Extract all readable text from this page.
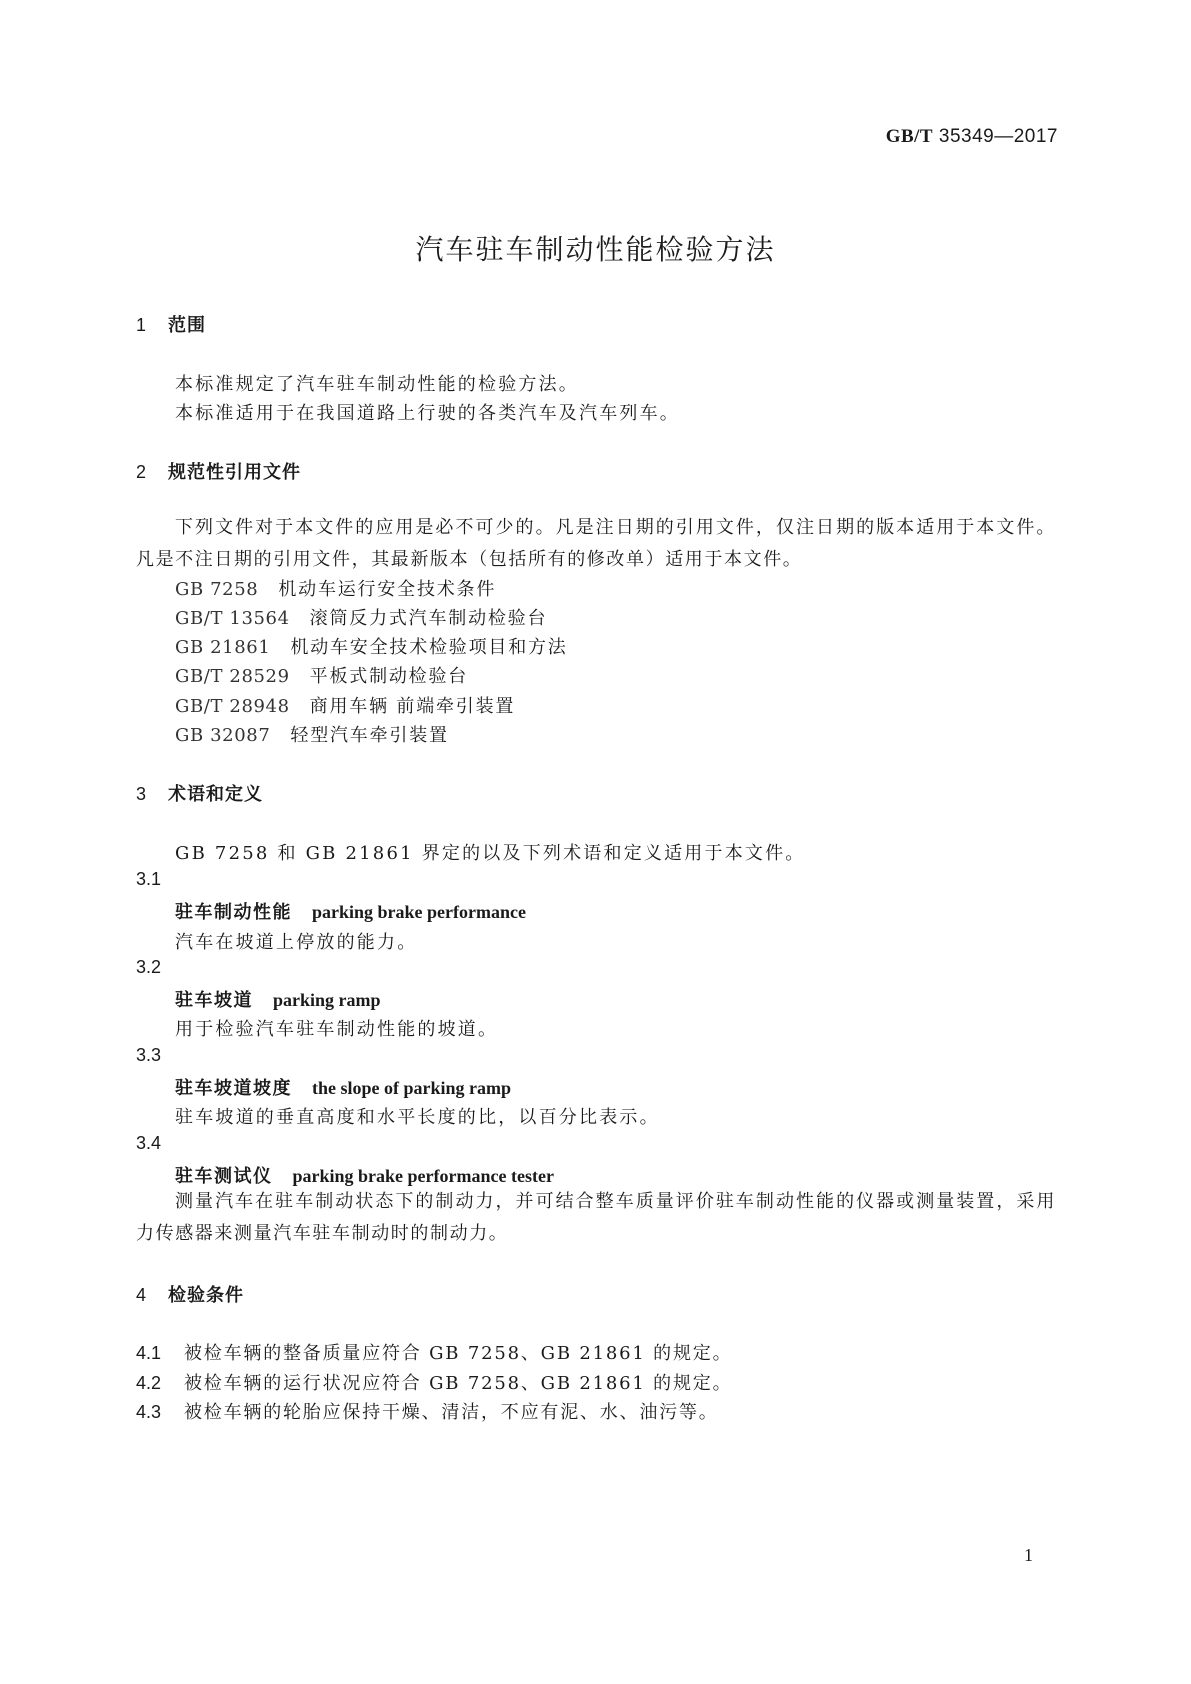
GB/T 35349—2017
汽车驻车制动性能检验方法
1 范围
本标准规定了汽车驻车制动性能的检验方法。
本标准适用于在我国道路上行驶的各类汽车及汽车列车。
2 规范性引用文件
下列文件对于本文件的应用是必不可少的。凡是注日期的引用文件，仅注日期的版本适用于本文件。凡是不注日期的引用文件，其最新版本（包括所有的修改单）适用于本文件。
GB 7258 机动车运行安全技术条件
GB/T 13564 滚筒反力式汽车制动检验台
GB 21861 机动车安全技术检验项目和方法
GB/T 28529 平板式制动检验台
GB/T 28948 商用车辆 前端牵引装置
GB 32087 轻型汽车牵引装置
3 术语和定义
GB 7258 和 GB 21861 界定的以及下列术语和定义适用于本文件。
3.1
驻车制动性能 parking brake performance
汽车在坡道上停放的能力。
3.2
驻车坡道 parking ramp
用于检验汽车驻车制动性能的坡道。
3.3
驻车坡道坡度 the slope of parking ramp
驻车坡道的垂直高度和水平长度的比，以百分比表示。
3.4
驻车测试仪 parking brake performance tester
测量汽车在驻车制动状态下的制动力，并可结合整车质量评价驻车制动性能的仪器或测量装置，采用力传感器来测量汽车驻车制动时的制动力。
4 检验条件
4.1 被检车辆的整备质量应符合 GB 7258、GB 21861 的规定。
4.2 被检车辆的运行状况应符合 GB 7258、GB 21861 的规定。
4.3 被检车辆的轮胎应保持干燥、清洁，不应有泥、水、油污等。
1
